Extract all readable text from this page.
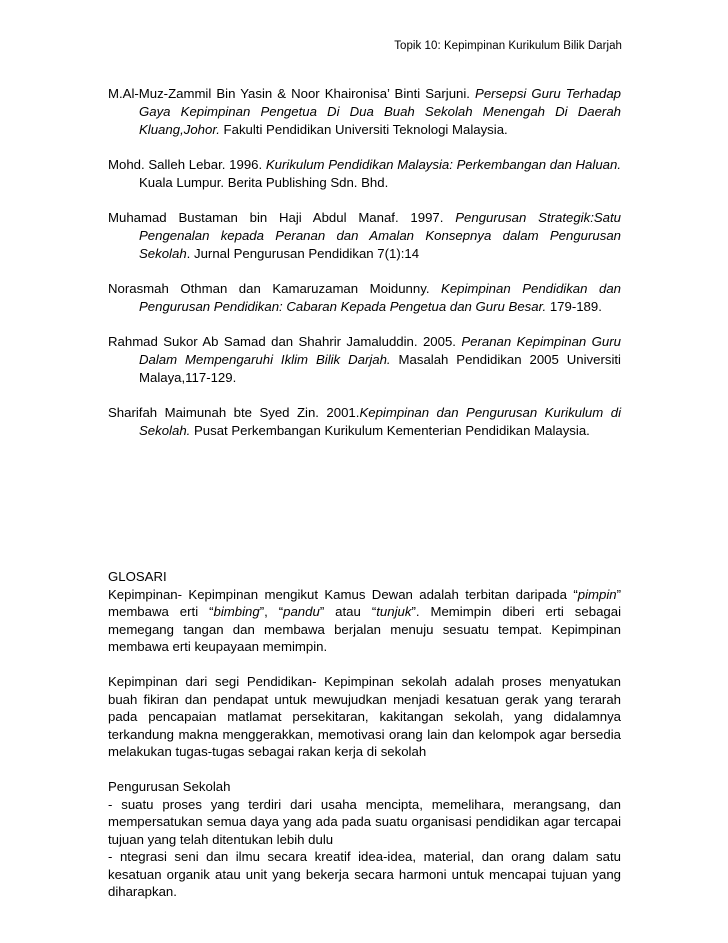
Topik 10: Kepimpinan Kurikulum Bilik Darjah

M.Al-Muz-Zammil Bin Yasin & Noor Khaironisa’ Binti Sarjuni. Persepsi Guru Terhadap Gaya Kepimpinan Pengetua Di Dua Buah Sekolah Menengah Di Daerah Kluang,Johor. Fakulti Pendidikan Universiti Teknologi Malaysia.

Mohd. Salleh Lebar. 1996. Kurikulum Pendidikan Malaysia: Perkembangan dan Haluan. Kuala Lumpur. Berita Publishing Sdn. Bhd.

Muhamad Bustaman bin Haji Abdul Manaf. 1997. Pengurusan Strategik:Satu Pengenalan kepada Peranan dan Amalan Konsepnya dalam Pengurusan Sekolah. Jurnal Pengurusan Pendidikan 7(1):14

Norasmah Othman dan Kamaruzaman Moidunny. Kepimpinan Pendidikan dan Pengurusan Pendidikan: Cabaran Kepada Pengetua dan Guru Besar. 179-189.

Rahmad Sukor Ab Samad dan Shahrir Jamaluddin. 2005. Peranan Kepimpinan Guru Dalam Mempengaruhi Iklim Bilik Darjah. Masalah Pendidikan 2005 Universiti Malaya,117-129.

Sharifah Maimunah bte Syed Zin. 2001.Kepimpinan dan Pengurusan Kurikulum di Sekolah. Pusat Perkembangan Kurikulum Kementerian Pendidikan Malaysia.

GLOSARI
Kepimpinan- Kepimpinan mengikut Kamus Dewan adalah terbitan daripada “pimpin” membawa erti “bimbing”, “pandu” atau “tunjuk”. Memimpin diberi erti sebagai memegang tangan dan membawa berjalan menuju sesuatu tempat. Kepimpinan membawa erti keupayaan memimpin.

Kepimpinan dari segi Pendidikan- Kepimpinan sekolah adalah proses menyatukan buah fikiran dan pendapat untuk mewujudkan menjadi kesatuan gerak yang terarah pada pencapaian matlamat persekitaran, kakitangan sekolah, yang didalamnya terkandung makna menggerakkan, memotivasi orang lain dan kelompok agar bersedia melakukan tugas-tugas sebagai rakan kerja di sekolah

Pengurusan Sekolah

- suatu proses yang terdiri dari usaha mencipta, memelihara, merangsang, dan mempersatukan semua daya yang ada pada suatu organisasi pendidikan agar tercapai tujuan yang telah ditentukan lebih dulu

- ntegrasi seni dan ilmu secara kreatif idea-idea, material, dan orang dalam satu kesatuan organik atau unit yang bekerja secara harmoni untuk mencapai tujuan yang diharapkan.
